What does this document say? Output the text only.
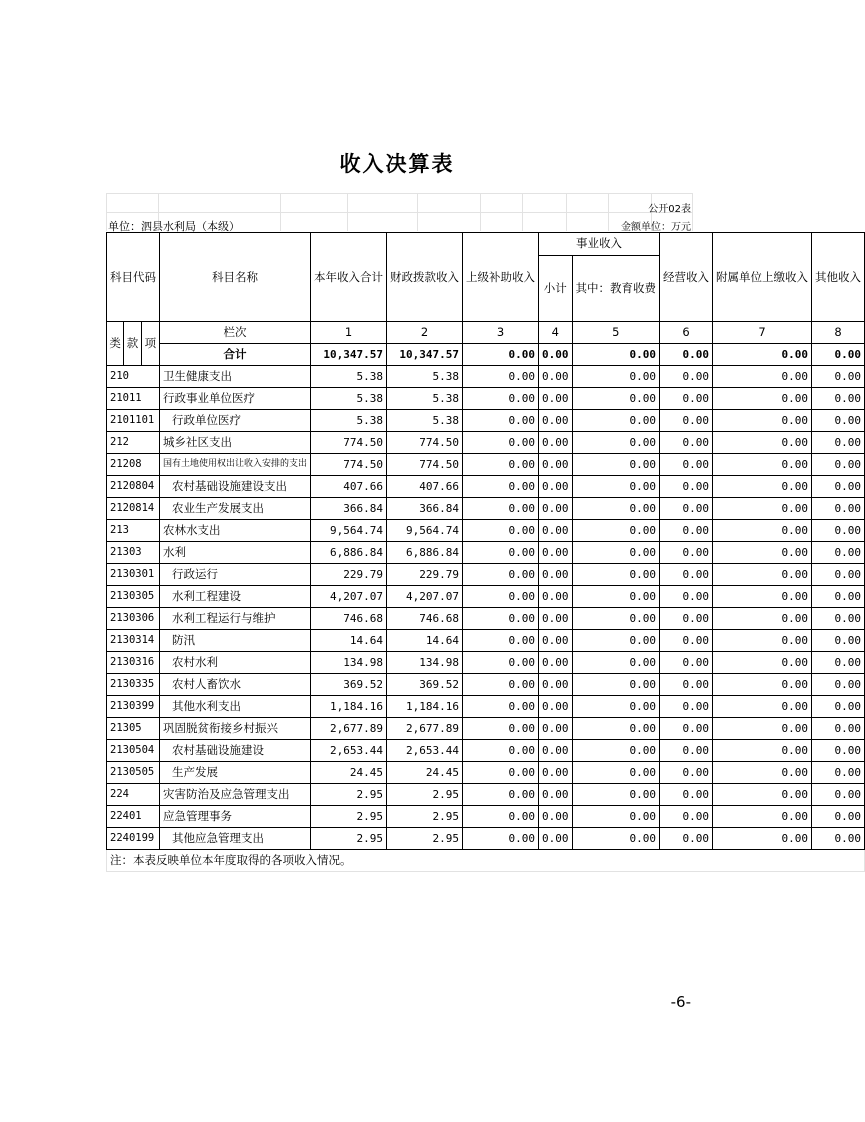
收入决算表
公开02表
单位：泗县水利局（本级）	金额单位：万元
科目代码			科目名称	本年收入合计	财政拨款收入	上级补助收入	事业收入		经营收入	附属单位上缴收入	其他收入
							小计	其中：教育收费			
类	款	项	栏次	1	2	3	4	5	6	7	8
			合计	10,347.57	10,347.57	0.00	0.00	0.00	0.00	0.00	0.00
210			卫生健康支出	5.38	5.38	0.00	0.00	0.00	0.00	0.00	0.00
21011			行政事业单位医疗	5.38	5.38	0.00	0.00	0.00	0.00	0.00	0.00
2101101			行政单位医疗	5.38	5.38	0.00	0.00	0.00	0.00	0.00	0.00
212			城乡社区支出	774.50	774.50	0.00	0.00	0.00	0.00	0.00	0.00
21208			国有土地使用权出让收入安排的支出	774.50	774.50	0.00	0.00	0.00	0.00	0.00	0.00
2120804			农村基础设施建设支出	407.66	407.66	0.00	0.00	0.00	0.00	0.00	0.00
2120814			农业生产发展支出	366.84	366.84	0.00	0.00	0.00	0.00	0.00	0.00
213			农林水支出	9,564.74	9,564.74	0.00	0.00	0.00	0.00	0.00	0.00
21303			水利	6,886.84	6,886.84	0.00	0.00	0.00	0.00	0.00	0.00
2130301			行政运行	229.79	229.79	0.00	0.00	0.00	0.00	0.00	0.00
2130305			水利工程建设	4,207.07	4,207.07	0.00	0.00	0.00	0.00	0.00	0.00
2130306			水利工程运行与维护	746.68	746.68	0.00	0.00	0.00	0.00	0.00	0.00
2130314			防汛	14.64	14.64	0.00	0.00	0.00	0.00	0.00	0.00
2130316			农村水利	134.98	134.98	0.00	0.00	0.00	0.00	0.00	0.00
2130335			农村人畜饮水	369.52	369.52	0.00	0.00	0.00	0.00	0.00	0.00
2130399			其他水利支出	1,184.16	1,184.16	0.00	0.00	0.00	0.00	0.00	0.00
21305			巩固脱贫衔接乡村振兴	2,677.89	2,677.89	0.00	0.00	0.00	0.00	0.00	0.00
2130504			农村基础设施建设	2,653.44	2,653.44	0.00	0.00	0.00	0.00	0.00	0.00
2130505			生产发展	24.45	24.45	0.00	0.00	0.00	0.00	0.00	0.00
224			灾害防治及应急管理支出	2.95	2.95	0.00	0.00	0.00	0.00	0.00	0.00
22401			应急管理事务	2.95	2.95	0.00	0.00	0.00	0.00	0.00	0.00
2240199			其他应急管理支出	2.95	2.95	0.00	0.00	0.00	0.00	0.00	0.00
注：本表反映单位本年度取得的各项收入情况。											
-6-
